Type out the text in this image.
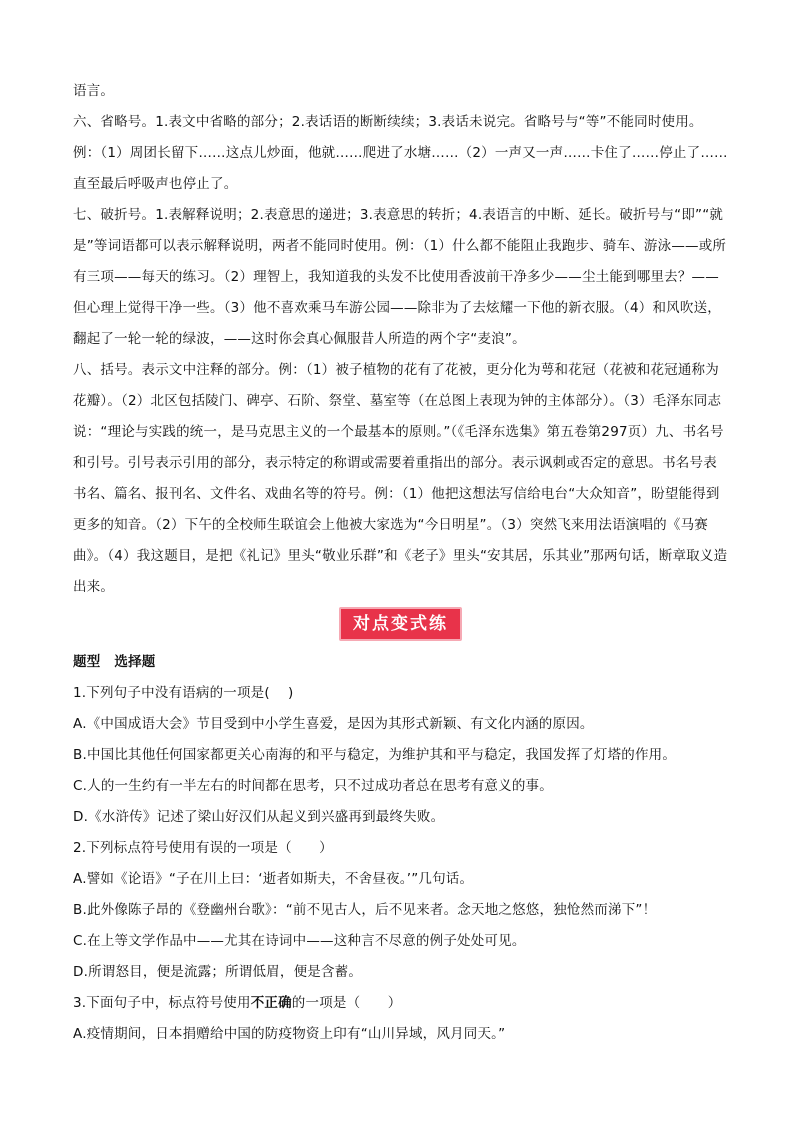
语言。

六、省略号。1.表文中省略的部分；2.表话语的断断续续；3.表话未说完。省略号与“等”不能同时使用。例：（1）周团长留下……这点儿炒面，他就……爬进了水塘……（2）一声又一声……卡住了……停止了……直至最后呼吸声也停止了。

七、破折号。1.表解释说明；2.表意思的递进；3.表意思的转折；4.表语言的中断、延长。破折号与“即”“就是”等词语都可以表示解释说明，两者不能同时使用。例：（1）什么都不能阻止我跑步、骑车、游泳——或所有三项——每天的练习。（2）理智上，我知道我的头发不比使用香波前干净多少——尘土能到哪里去？——但心理上觉得干净一些。（3）他不喜欢乘马车游公园——除非为了去炫耀一下他的新衣服。（4）和风吹送，翻起了一轮一轮的绿波，——这时你会真心佩服昔人所造的两个字“麦浪”。

八、括号。表示文中注释的部分。例：（1）被子植物的花有了花被，更分化为萼和花冠（花被和花冠通称为花瓣）。（2）北区包括陵门、碑亭、石阶、祭堂、墓室等（在总图上表现为钟的主体部分）。（3）毛泽东同志说：“理论与实践的统一，是马克思主义的一个最基本的原则。”（《毛泽东选集》第五卷第297页）九、书名号和引号。引号表示引用的部分，表示特定的称谓或需要着重指出的部分。表示讽刺或否定的意思。书名号表书名、篇名、报刊名、文件名、戏曲名等的符号。例：（1）他把这想法写信给电台“大众知音”，盼望能得到更多的知音。（2）下午的全校师生联谊会上他被大家选为“今日明星”。（3）突然飞来用法语演唱的《马赛曲》。（4）我这题目，是把《礼记》里头“敬业乐群”和《老子》里头“安其居，乐其业”那两句话，断章取义造出来。

对点变式练

题型 选择题

1.下列句子中没有语病的一项是(　 )

A.《中国成语大会》节目受到中小学生喜爱，是因为其形式新颖、有文化内涵的原因。

B.中国比其他任何国家都更关心南海的和平与稳定，为维护其和平与稳定，我国发挥了灯塔的作用。

C.人的一生约有一半左右的时间都在思考，只不过成功者总在思考有意义的事。

D.《水浒传》记述了梁山好汉们从起义到兴盛再到最终失败。

2.下列标点符号使用有误的一项是（　　）

A.譬如《论语》“子在川上曰：‘逝者如斯夫，不舍昼夜。’”几句话。

B.此外像陈子昂的《登幽州台歌》：“前不见古人，后不见来者。念天地之悠悠，独怆然而涕下”！

C.在上等文学作品中——尤其在诗词中——这种言不尽意的例子处处可见。

D.所谓怒目，便是流露；所谓低眉，便是含蓄。

3.下面句子中，标点符号使用不正确的一项是（　　）

A.疫情期间，日本捐赠给中国的防疫物资上印有“山川异域，风月同天。”
